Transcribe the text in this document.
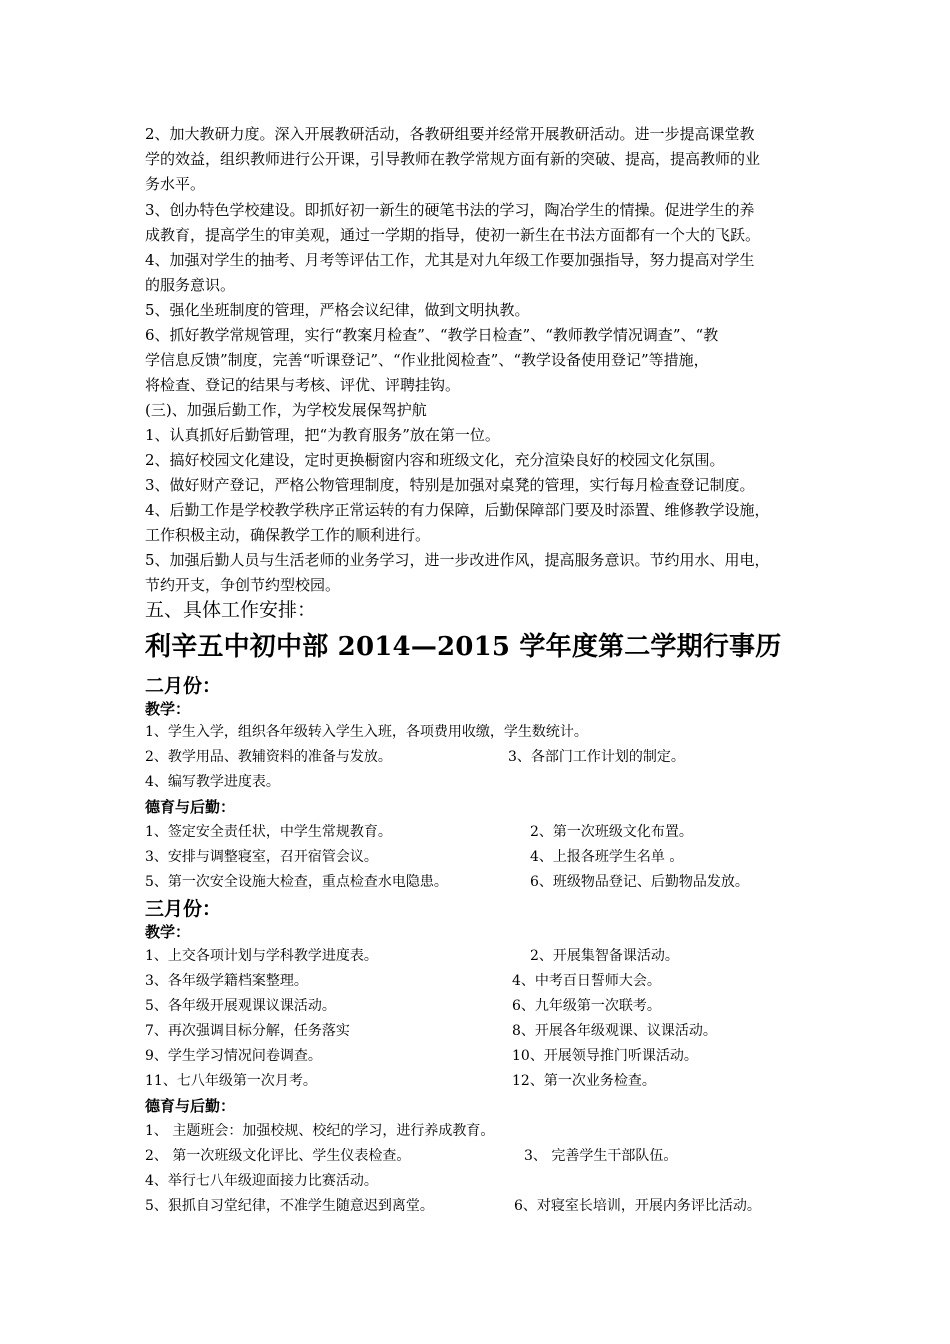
2、加大教研力度。深入开展教研活动，各教研组要并经常开展教研活动。进一步提高课堂教
学的效益，组织教师进行公开课，引导教师在教学常规方面有新的突破、提高，提高教师的业
务水平。
3、创办特色学校建设。即抓好初一新生的硬笔书法的学习，陶冶学生的情操。促进学生的养
成教育，提高学生的审美观，通过一学期的指导，使初一新生在书法方面都有一个大的飞跃。
4、加强对学生的抽考、月考等评估工作，尤其是对九年级工作要加强指导，努力提高对学生
的服务意识。
5、强化坐班制度的管理，严格会议纪律，做到文明执教。
6、抓好教学常规管理，实行“教案月检查”、“教学日检查”、“教师教学情况调查”、“教
学信息反馈”制度，完善“听课登记”、“作业批阅检查”、“教学设备使用登记”等措施，
将检查、登记的结果与考核、评优、评聘挂钩。
(三)、加强后勤工作，为学校发展保驾护航
1、认真抓好后勤管理，把“为教育服务”放在第一位。
2、搞好校园文化建设，定时更换橱窗内容和班级文化，充分渲染良好的校园文化氛围。
3、做好财产登记，严格公物管理制度，特别是加强对桌凳的管理，实行每月检查登记制度。
4、后勤工作是学校教学秩序正常运转的有力保障，后勤保障部门要及时添置、维修教学设施，
工作积极主动，确保教学工作的顺利进行。
5、加强后勤人员与生活老师的业务学习，进一步改进作风，提高服务意识。节约用水、用电，
节约开支，争创节约型校园。
五、具体工作安排：
利辛五中初中部 2014—2015 学年度第二学期行事历
二月份：
教学：
1、学生入学，组织各年级转入学生入班，各项费用收缴，学生数统计。
2、教学用品、教辅资料的准备与发放。	3、各部门工作计划的制定。
4、编写教学进度表。
德育与后勤：
1、签定安全责任状，中学生常规教育。	2、第一次班级文化布置。
3、安排与调整寝室，召开宿管会议。	4、上报各班学生名单 。
5、第一次安全设施大检查，重点检查水电隐患。	6、班级物品登记、后勤物品发放。
三月份：
教学：
1、上交各项计划与学科教学进度表。	2、开展集智备课活动。
3、各年级学籍档案整理。	4、中考百日誓师大会。
5、各年级开展观课议课活动。	6、九年级第一次联考。
7、再次强调目标分解，任务落实	8、开展各年级观课、议课活动。
9、学生学习情况问卷调查。	10、开展领导推门听课活动。
11、七八年级第一次月考。	12、第一次业务检查。
德育与后勤：
1、 主题班会：加强校规、校纪的学习，进行养成教育。
2、 第一次班级文化评比、学生仪表检查。	3、 完善学生干部队伍。
4、举行七八年级迎面接力比赛活动。
5、狠抓自习堂纪律，不准学生随意迟到离堂。	6、对寝室长培训，开展内务评比活动。
